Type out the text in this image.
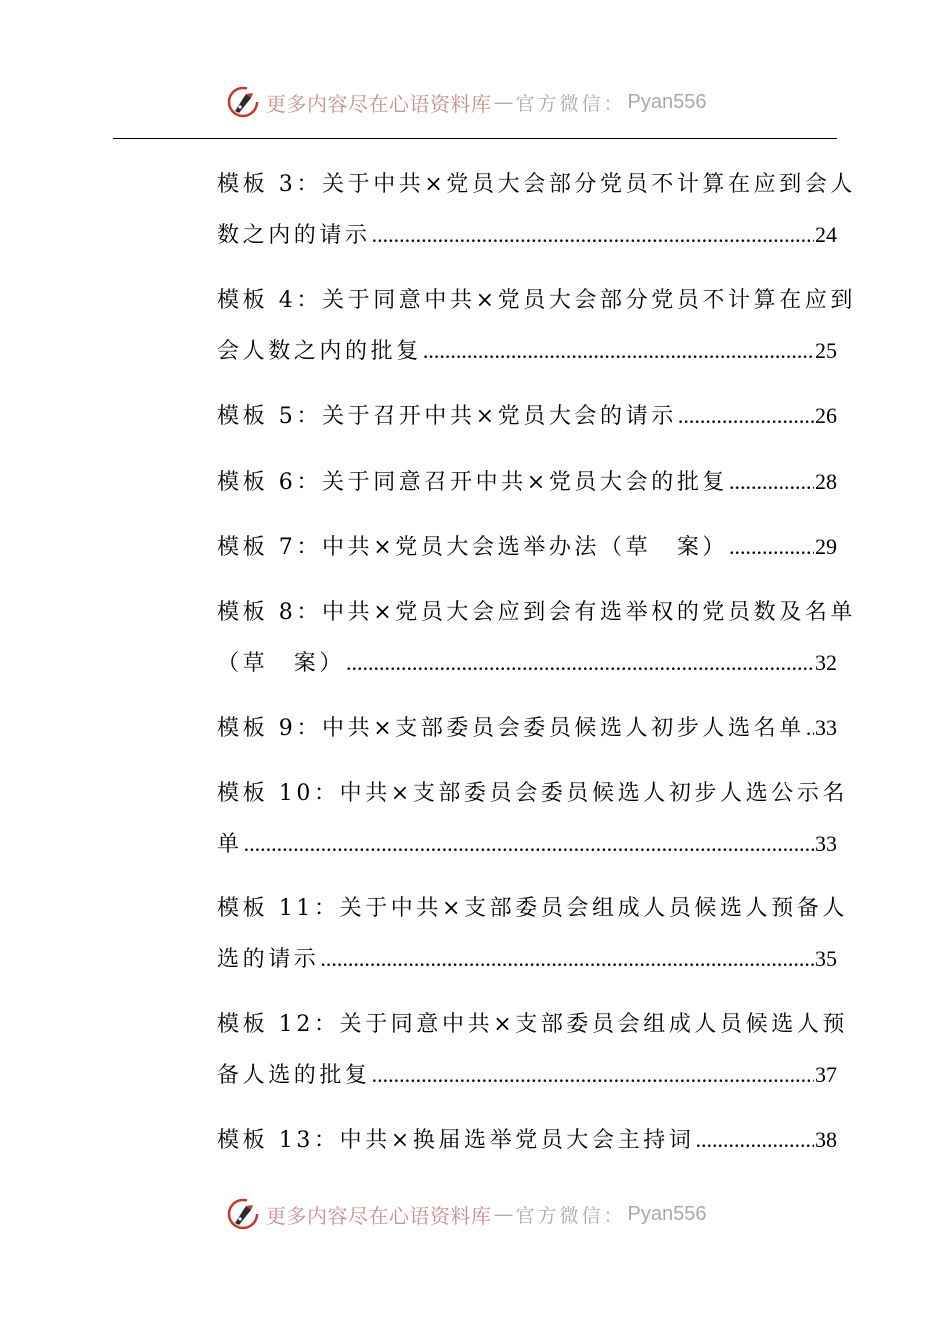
更多内容尽在心语资料库 — 官方微信： Pyan556
模板 3：关于中共×党员大会部分党员不计算在应到会人
数之内的请示 .....	24
模板 4：关于同意中共×党员大会部分党员不计算在应到
会人数之内的批复 .....	25
模板 5：关于召开中共×党员大会的请示 .....	26
模板 6：关于同意召开中共×党员大会的批复 .....	28
模板 7：中共×党员大会选举办法（草　案） .....	29
模板 8：中共×党员大会应到会有选举权的党员数及名单
（草　案） .....	32
模板 9：中共×支部委员会委员候选人初步人选名单 ..... 33
模板 10：中共×支部委员会委员候选人初步人选公示名
单 .....	33
模板 11：关于中共×支部委员会组成人员候选人预备人
选的请示 .....	35
模板 12：关于同意中共×支部委员会组成人员候选人预
备人选的批复 .....	37
模板 13：中共×换届选举党员大会主持词 .....	38
更多内容尽在心语资料库 — 官方微信： Pyan556
